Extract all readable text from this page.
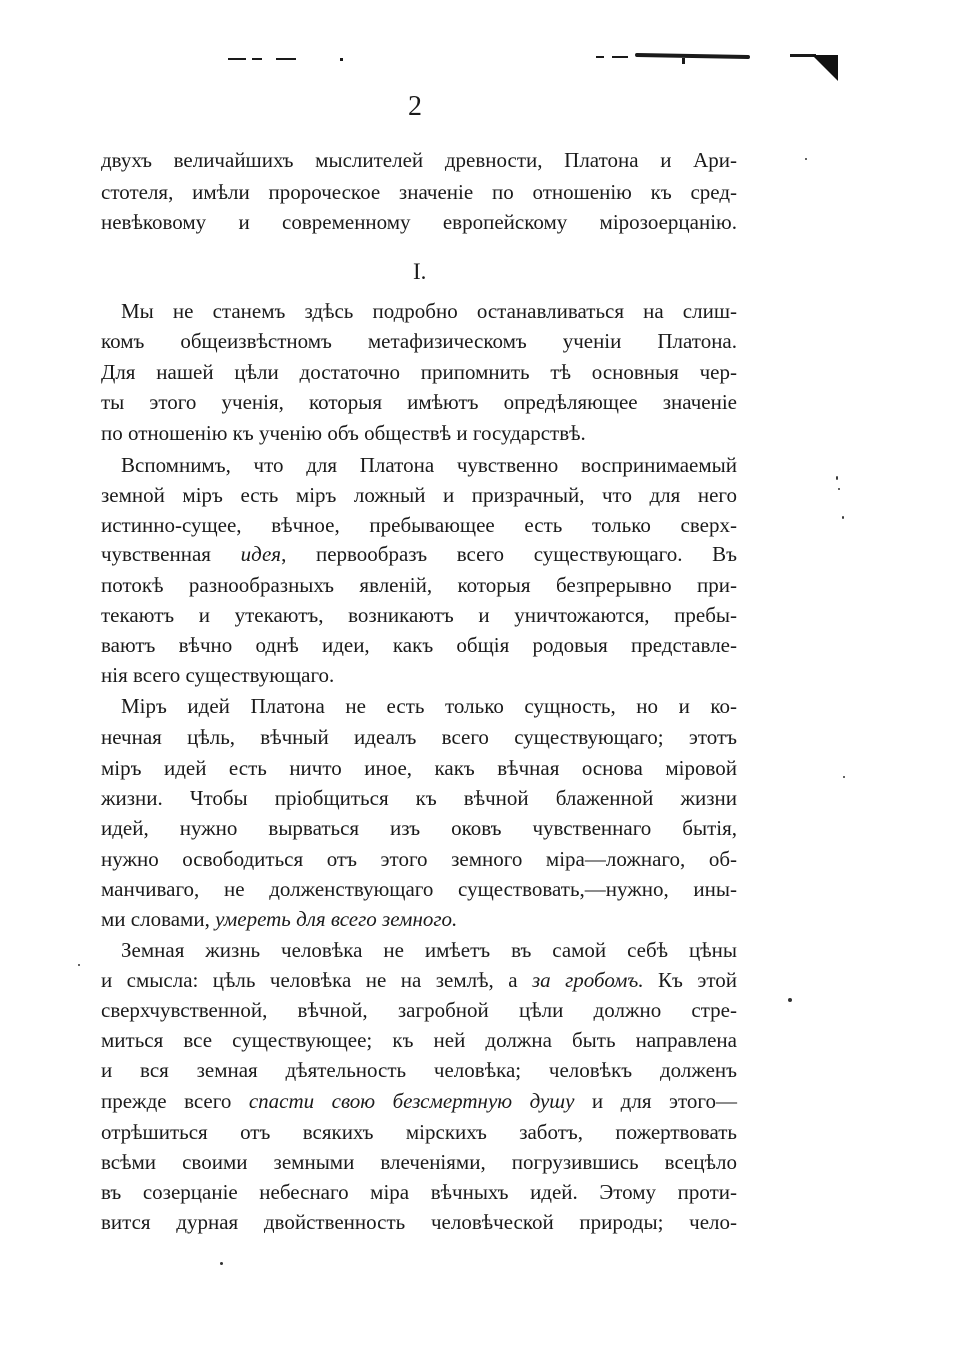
2
двухъ величайшихъ мыслителей древности, Платона и Ари-
стотеля, имѣли пророческое значенiе по отношенiю къ сред-
невѣковому и современному европейскому мiрозоерцанiю.
I.
Мы не станемъ здѣсь подробно останавливаться на слиш-
комъ общеизвѣстномъ метафизическомъ ученiи Платона.
Для нашей цѣли достаточно припомнить тѣ основныя чер-
ты этого ученiя, которыя имѣютъ опредѣляющее значенiе
по отношенiю къ ученiю объ обществѣ и государствѣ.
Вспомнимъ, что для Платона чувственно воспринимаемый
земной мiръ есть мiръ ложный и призрачный, что для него
истинно-сущее, вѣчное, пребывающее есть только сверх-
чувственная идея, первообразъ всего существующаго. Въ
потокѣ разнообразныхъ явленiй, которыя безпрерывно при-
текаютъ и утекаютъ, возникаютъ и уничтожаются, пребы-
ваютъ вѣчно однѣ идеи, какъ общiя родовыя представле-
нiя всего существующаго.
Мiръ идей Платона не есть только сущность, но и ко-
нечная цѣль, вѣчный идеалъ всего существующаго; этотъ
мiръ идей есть ничто иное, какъ вѣчная основа мiровой
жизни. Чтобы прiобщиться къ вѣчной блаженной жизни
идей, нужно вырваться изъ оковъ чувственнаго бытiя,
нужно освободиться отъ этого земного мiра—ложнаго, об-
манчиваго, не долженствующаго существовать,—нужно, ины-
ми словами, умереть для всего земного.
Земная жизнь человѣка не имѣетъ въ самой себѣ цѣны
и смысла: цѣль человѣка не на землѣ, а за гробомъ. Къ этой
сверхчувственной, вѣчной, загробной цѣли должно стре-
миться все существующее; къ ней должна быть направлена
и вся земная дѣятельность человѣка; человѣкъ долженъ
прежде всего спасти свою безсмертную душу и для этого—
отрѣшиться отъ всякихъ мiрскихъ заботъ, пожертвовать
всѣми своими земными влеченiями, погрузившись всецѣло
въ созерцанiе небеснаго мiра вѣчныхъ идей. Этому проти-
вится дурная двойственность человѣческой природы; чело-
